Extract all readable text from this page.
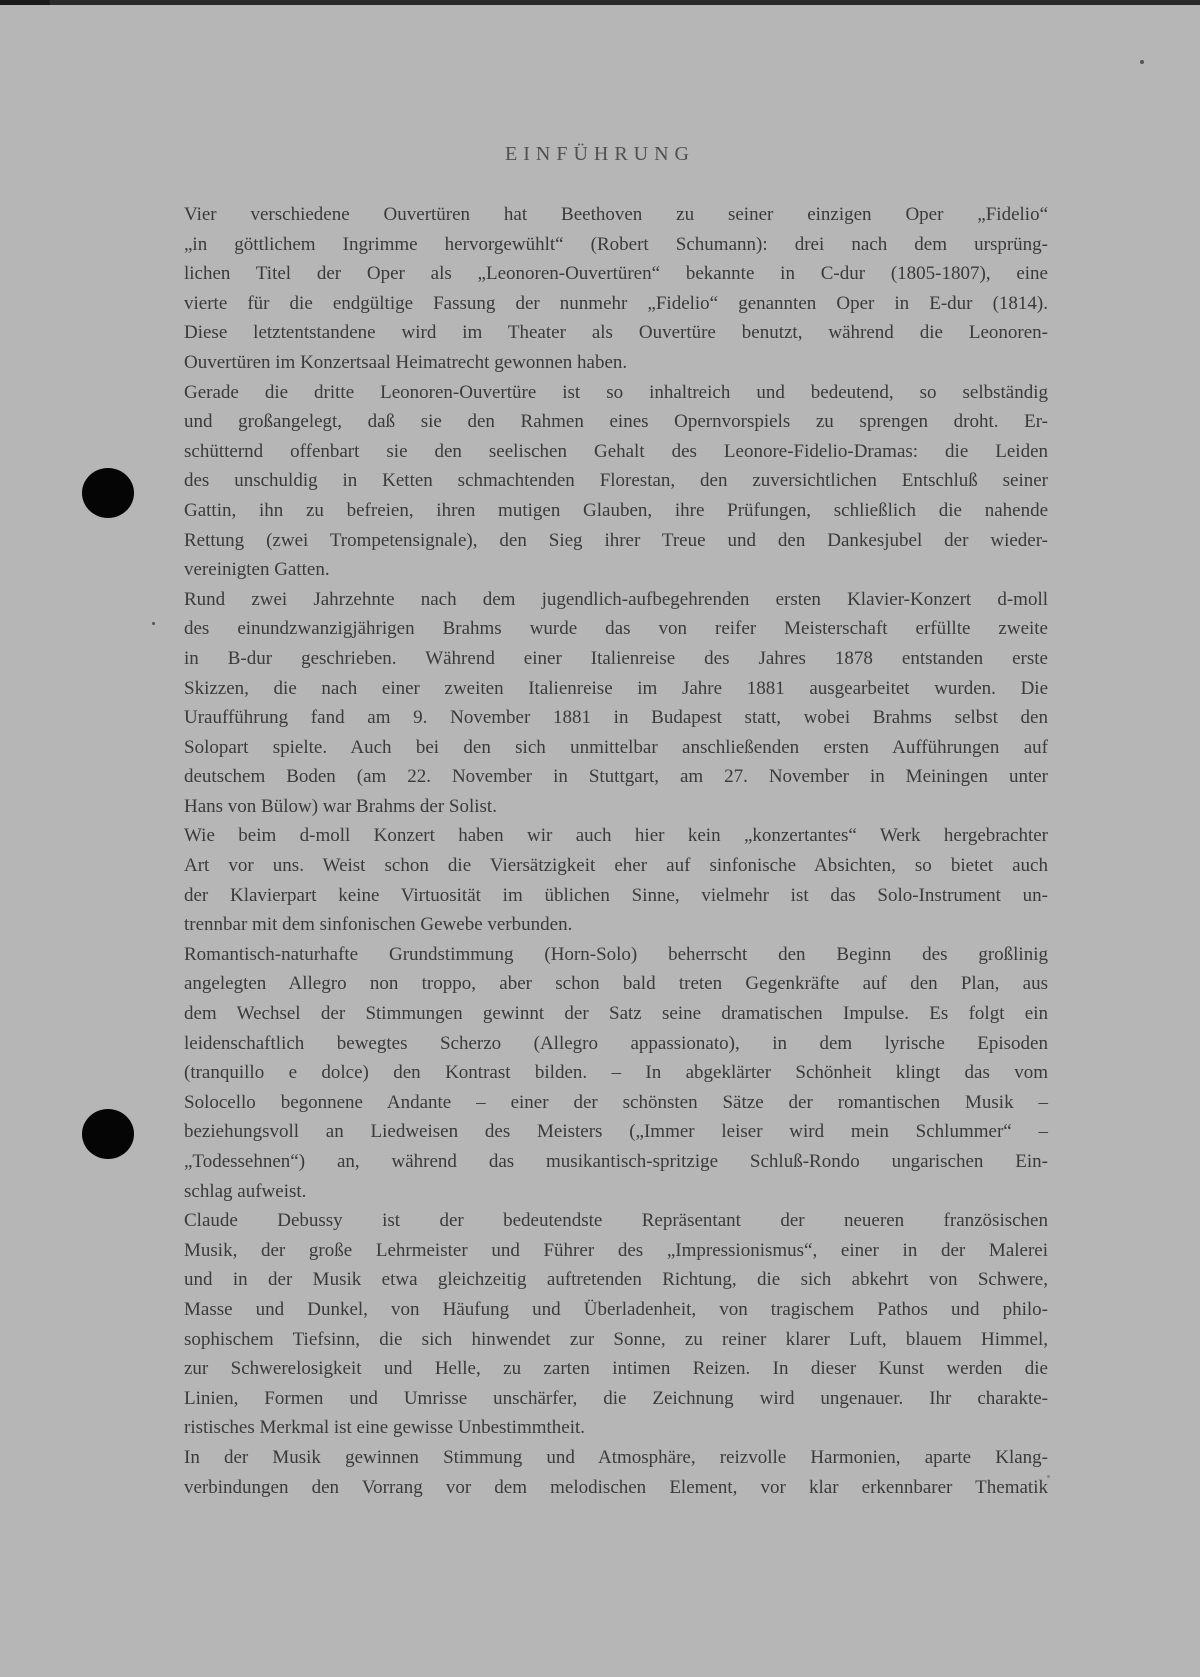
EINFÜHRUNG
Vier verschiedene Ouvertüren hat Beethoven zu seiner einzigen Oper „Fidelio“
„in göttlichem Ingrimme hervorgewühlt“ (Robert Schumann): drei nach dem ursprüng-
lichen Titel der Oper als „Leonoren-Ouvertüren“ bekannte in C-dur (1805-1807), eine
vierte für die endgültige Fassung der nunmehr „Fidelio“ genannten Oper in E-dur (1814).
Diese letztentstandene wird im Theater als Ouvertüre benutzt, während die Leonoren-
Ouvertüren im Konzertsaal Heimatrecht gewonnen haben.
Gerade die dritte Leonoren-Ouvertüre ist so inhaltreich und bedeutend, so selbständig
und großangelegt, daß sie den Rahmen eines Opernvorspiels zu sprengen droht. Er-
schütternd offenbart sie den seelischen Gehalt des Leonore-Fidelio-Dramas: die Leiden
des unschuldig in Ketten schmachtenden Florestan, den zuversichtlichen Entschluß seiner
Gattin, ihn zu befreien, ihren mutigen Glauben, ihre Prüfungen, schließlich die nahende
Rettung (zwei Trompetensignale), den Sieg ihrer Treue und den Dankesjubel der wieder-
vereinigten Gatten.
Rund zwei Jahrzehnte nach dem jugendlich-aufbegehrenden ersten Klavier-Konzert d-moll
des einundzwanzigjährigen Brahms wurde das von reifer Meisterschaft erfüllte zweite
in B-dur geschrieben. Während einer Italienreise des Jahres 1878 entstanden erste
Skizzen, die nach einer zweiten Italienreise im Jahre 1881 ausgearbeitet wurden. Die
Uraufführung fand am 9. November 1881 in Budapest statt, wobei Brahms selbst den
Solopart spielte. Auch bei den sich unmittelbar anschließenden ersten Aufführungen auf
deutschem Boden (am 22. November in Stuttgart, am 27. November in Meiningen unter
Hans von Bülow) war Brahms der Solist.
Wie beim d-moll Konzert haben wir auch hier kein „konzertantes“ Werk hergebrachter
Art vor uns. Weist schon die Viersätzigkeit eher auf sinfonische Absichten, so bietet auch
der Klavierpart keine Virtuosität im üblichen Sinne, vielmehr ist das Solo-Instrument un-
trennbar mit dem sinfonischen Gewebe verbunden.
Romantisch-naturhafte Grundstimmung (Horn-Solo) beherrscht den Beginn des großlinig
angelegten Allegro non troppo, aber schon bald treten Gegenkräfte auf den Plan, aus
dem Wechsel der Stimmungen gewinnt der Satz seine dramatischen Impulse. Es folgt ein
leidenschaftlich bewegtes Scherzo (Allegro appassionato), in dem lyrische Episoden
(tranquillo e dolce) den Kontrast bilden. – In abgeklärter Schönheit klingt das vom
Solocello begonnene Andante – einer der schönsten Sätze der romantischen Musik –
beziehungsvoll an Liedweisen des Meisters („Immer leiser wird mein Schlummer“ –
„Todessehnen“) an, während das musikantisch-spritzige Schluß-Rondo ungarischen Ein-
schlag aufweist.
Claude Debussy ist der bedeutendste Repräsentant der neueren französischen
Musik, der große Lehrmeister und Führer des „Impressionismus“, einer in der Malerei
und in der Musik etwa gleichzeitig auftretenden Richtung, die sich abkehrt von Schwere,
Masse und Dunkel, von Häufung und Überladenheit, von tragischem Pathos und philo-
sophischem Tiefsinn, die sich hinwendet zur Sonne, zu reiner klarer Luft, blauem Himmel,
zur Schwerelosigkeit und Helle, zu zarten intimen Reizen. In dieser Kunst werden die
Linien, Formen und Umrisse unschärfer, die Zeichnung wird ungenauer. Ihr charakte-
ristisches Merkmal ist eine gewisse Unbestimmtheit.
In der Musik gewinnen Stimmung und Atmosphäre, reizvolle Harmonien, aparte Klang-
verbindungen den Vorrang vor dem melodischen Element, vor klar erkennbarer Thematik
